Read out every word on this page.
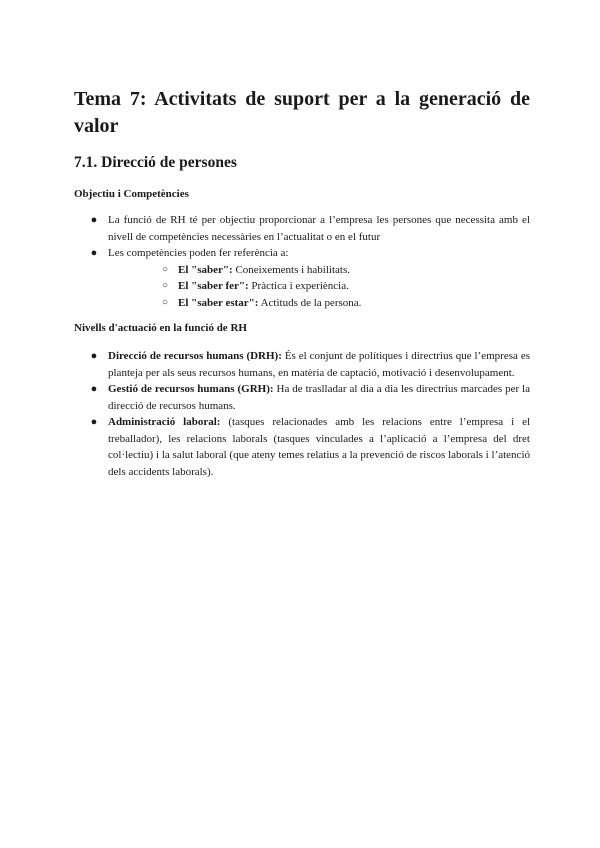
Tema 7: Activitats de suport per a la generació de valor
7.1. Direcció de persones
Objectiu i Competències
● La funció de RH té per objectiu proporcionar a l’empresa les persones que necessita amb el nivell de competències necessàries en l’actualitat o en el futur
● Les competències poden fer referència a:
○ El "saber": Coneixements i habilitats.
○ El "saber fer": Pràctica i experiència.
○ El "saber estar": Actituds de la persona.
Nivells d'actuació en la funció de RH
● Direcció de recursos humans (DRH): És el conjunt de polítiques i directrius que l’empresa es planteja per als seus recursos humans, en matèria de captació, motivació i desenvolupament.
● Gestió de recursos humans (GRH): Ha de traslladar al dia a dia les directrius marcades per la direcció de recursos humans.
● Administració laboral: (tasques relacionades amb les relacions entre l’empresa i el treballador), les relacions laborals (tasques vinculades a l’aplicació a l’empresa del dret col·lectiu) i la salut laboral (que ateny temes relatius a la prevenció de riscos laborals i l’atenció dels accidents laborals).
